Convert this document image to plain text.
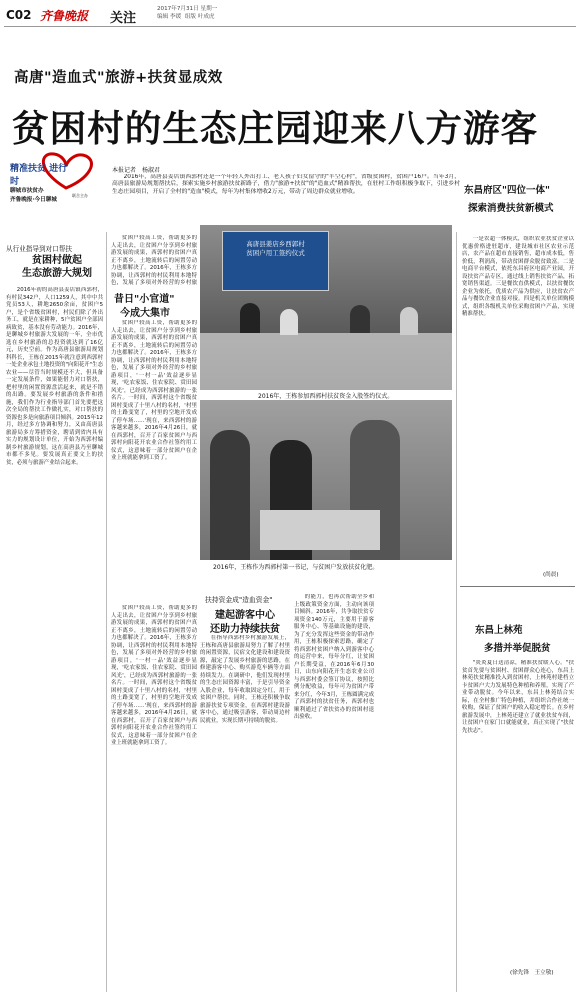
C02 齐鲁晚报 关注
2017年7月31日 星期一
编辑 李缓 组版 叶成虎
高唐"造血式"旅游+扶贫显成效
贫困村的生态庄园迎来八方游客
精准扶贫 进行时
聊城市扶贫办
联合主办
齐鲁晚报·今日聊城
本报记者　杨淑君

2016年，高唐县姜店镇西郭村还是一个年轻人外出打工、老人孩子妇女留守的"半空心村"，省级贫困村，贫困户16户。当年3月，高唐县旅游局规划帮扶后，探索实施乡村旅游扶贫新路子，借力"旅游+扶贫"的"造血式"精准帮扶，在驻村工作组积极争取下，引进乡村生态庄园项目，开启了全村的"造血"模式，每年为村集体增收2万元，带动了周边群众就业增收。

从行业指导到对口帮扶
贫困村做起
生态旅游大规划

2016年初的高唐县姜店镇西郭村，有村民342户，人口1259人，其中中共党员53人，耕地2650余亩，贫困户5户，是个省级贫困村，村民们除了外出务工，就是在家耕种，5户贫困户全部因病致贫，基本没有劳动能力。2016年，是聊城乡村旅游大发展的一年，全市优选在乡村旅游的总投资就达到了16亿元，历史空前。作为高唐县旅游局规划科科长，王栋在2015年就注意到西郭村一处企业承包土地投资的"向阳花开"生态农业——尽管当时规模还不大，但具备一定发展条件，如果能借力对口帮扶，把村里的闲置资源盘活起来，就是不错的出路。要发展乡村旅游的条件和措施，我们作为行业指导部门首先要把这次全局的帮扶工作做扎实，对口帮扶的资源也多是向旅游项目倾斜。2015年12月，经过多方协调和努力，又由高唐县旅游局多方筹措资金，聘请到省内具有实力的规划设计单位，开始为西郭村编制乡村旅游规划，这在高唐县乃至聊城市都不多见。要发展真正要文上的扶贫，必须与旅游产业结合起来。

高唐县姜店乡西郭村
贫困户用工签约仪式
2016年，王栋参加西郭村扶贫资金入股签约仪式。
昔日"小官道"
今成大集市

贫困户较高工资，帮助更多的人走出去，让贫困户分享到乡村旅游发展的成果，西郭村的贫困户真正不离乡，土地流转后的闲置劳动力也都解决了。2016年，王栋多方协调，让西郭村的村民利用本地特色，发展了多项对外经营的乡村旅

贫困户较高工资，帮助更多的人走出去，让贫困户分享到乡村旅游发展的成果，西郭村的贫困户真正不离乡，土地流转后的闲置劳动力也都解决了。2016年，王栋多方协调，让西郭村的村民利用本地特色，发展了多项对外经营的乡村旅游项目，'一村一品'效益逐步显现，'吃农家饭、住农家院、赏田园风光'，已经成为西郭村旅游的一张名片。一时间，西郭村这个省级贫困村变成了十里八村的名村，'村里的土路变宽了，村里的空地开发成了停车场……'现在，来西郭村的游客越来越多，2016年4月26日，就在西郭村，召开了百家贫困户与西郭村向阳花开农业合作社签约用工仪式，这意味着一部分贫困户在企业上班就能拿到工资了。

2016年，王栋作为西郭村第一书记，与贫困户发放扶贫化肥。
扶持资金成"造血资金"
建起游客中心
还助力持续扶贫

在指导西郭村乡村旅游发展上，王栋和高唐县旅游局努力了解了村里的闲置资源，民宿文化建设和建设资源，敲定了发展乡村旅游的思路，在修建游客中心、购买游览车辆等方面持续发力。在调研中，他们发现村里的生态庄园资源丰富，于是引导资金入股企业，每年收取固定分红，用于贫困户帮扶。同时，王栋还积极争取旅游扶贫专项资金，在西郭村建设游客中心，通过吸引游客，带动周边村民就业，实现长期可持续的脱贫。

贫困户较高工资，帮助更多的人走出去，让贫困户分享到乡村旅游发展的成果，西郭村的贫困户真正不离乡，土地流转后的闲置劳动力也都解决了。2016年，王栋多方协调，让西郭村的村民利用本地特色，发展了多项对外经营的乡村旅游项目，'一村一品'效益逐步显现，'吃农家饭、住农家院、赏田园风光'，已经成为西郭村旅游的一张名片。一时间，西郭村这个省级贫困村变成了十里八村的名村，'村里的土路变宽了，村里的空地开发成了停车场……'现在，来西郭村的游客越来越多，2016年4月26日，就在西郭村，召开了百家贫困户与西郭村向阳花开农业合作社签约用工仪式，这意味着一部分贫困户在企业上班就能拿到工资了。

的能力，也再次帮助全乡和上级政策资金方面，主动向该项目倾斜。2016年，共争取扶贫专项资金140万元，主要用于游客服务中心、等基础设施的建设，为了充分发挥这些资金的带动作用，王栋积极探索思路，确定了将西郭村贫困户纳入到游客中心的运营中来，每年分红，让贫困户长期受益，在2016年6月30日，山东向阳花开生态农业公司与西郭村委会签订协议，按照比例分配收益，每年可为贫困户带来分红，今年3月，王栋圆满完成了西郭村的扶贫任务，西郭村也顺利通过了省扶贫办的贫困村退出验收。

东昌府区"四位一体"
探索消费扶贫新模式

一是农超一体模式，组织农业扶贫企业以优惠价格进驻超市，建设城市社区农业示范店，农产品在超市直接销售，超市成本低，售价低，利润高，带动贫困群众脱贫致富。二是电商平台模式，依托东昌府区电商产业园，开设扶贫产品专区，通过线上销售扶贫产品，拓宽销售渠道。三是餐饮直供模式，以扶贫餐饮企业为依托，优质农产品为供应，让扶贫农产品与餐饮企业直接对接。四是机关单位团购模式，组织各级机关单位采购贫困户产品，实现精准帮扶。

(尚晨)
东昌上林苑
多措并举促脱贫

"炎炎夏日送清凉，精准扶贫暖人心。"扶贫首先要与贫困村、贫困群众心连心，东昌上林苑扶贫精准投入到贫困村，上林苑村建档立卡贫困户大力发展特色种植和养殖，实现了产业带动脱贫。今年以来，东昌上林苑结合实际，在全村推广特色种植，并组织合作社统一收购，保证了贫困户的收入稳定增长。在乡村旅游发展中，上林苑还建立了就业扶贫车间，让贫困户在家门口就能就业，真正实现了"扶贫先扶志"。

(徐先锋　王立敬)
